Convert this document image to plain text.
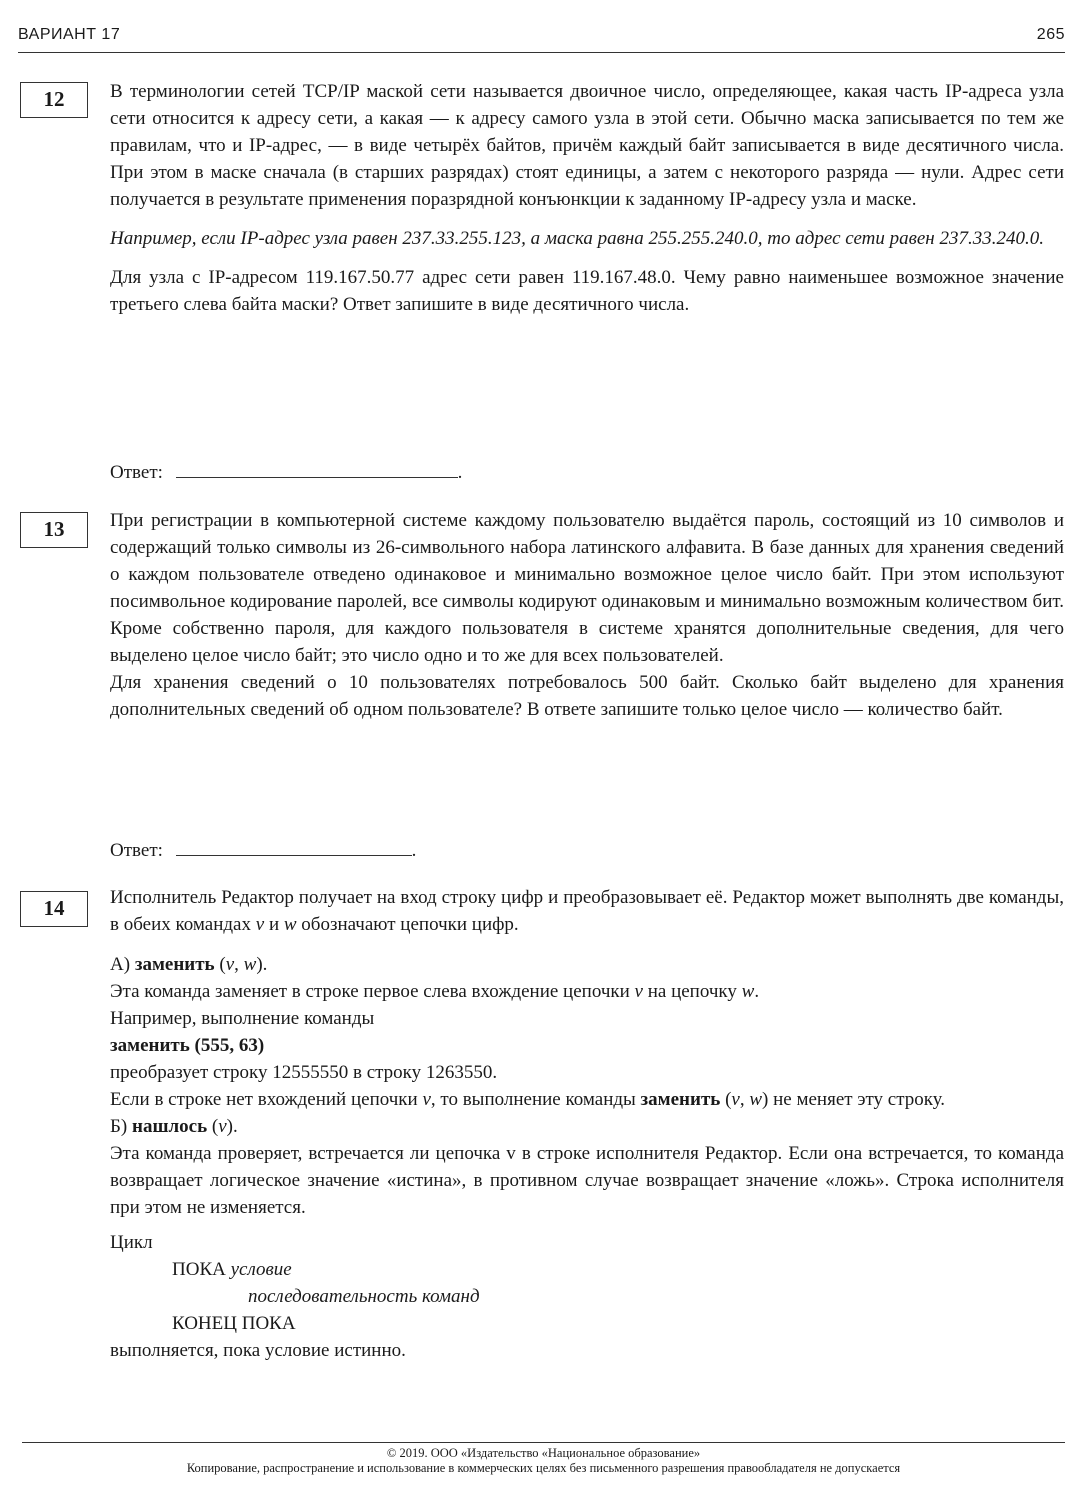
ВАРИАНТ 17	265
12	В терминологии сетей TCP/IP маской сети называется двоичное число, определяющее, какая часть IP-адреса узла сети относится к адресу сети, а какая — к адресу самого узла в этой сети. Обычно маска записывается по тем же правилам, что и IP-адрес, — в виде четырёх байтов, причём каждый байт записывается в виде десятичного числа. При этом в маске сначала (в старших разрядах) стоят единицы, а затем с некоторого разряда — нули. Адрес сети получается в результате применения поразрядной конъюнкции к заданному IP-адресу узла и маске.

Например, если IP-адрес узла равен 237.33.255.123, а маска равна 255.255.240.0, то адрес сети равен 237.33.240.0.

Для узла с IP-адресом 119.167.50.77 адрес сети равен 119.167.48.0. Чему равно наименьшее возможное значение третьего слева байта маски? Ответ запишите в виде десятичного числа.

Ответ:	.
13	При регистрации в компьютерной системе каждому пользователю выдаётся пароль, состоящий из 10 символов и содержащий только символы из 26-символьного набора латинского алфавита. В базе данных для хранения сведений о каждом пользователе отведено одинаковое и минимально возможное целое число байт. При этом используют посимвольное кодирование паролей, все символы кодируют одинаковым и минимально возможным количеством бит. Кроме собственно пароля, для каждого пользователя в системе хранятся дополнительные сведения, для чего выделено целое число байт; это число одно и то же для всех пользователей.

Для хранения сведений о 10 пользователях потребовалось 500 байт. Сколько байт выделено для хранения дополнительных сведений об одном пользователе? В ответе запишите только целое число — количество байт.

Ответ:	.
14	Исполнитель Редактор получает на вход строку цифр и преобразовывает её. Редактор может выполнять две команды, в обеих командах v и w обозначают цепочки цифр.

А) заменить (v, w).

Эта команда заменяет в строке первое слева вхождение цепочки v на цепочку w.

Например, выполнение команды

заменить (555, 63)

преобразует строку 12555550 в строку 1263550.

Если в строке нет вхождений цепочки v, то выполнение команды заменить (v, w) не меняет эту строку.

Б) нашлось (v).

Эта команда проверяет, встречается ли цепочка v в строке исполнителя Редактор. Если она встречается, то команда возвращает логическое значение «истина», в противном случае возвращает значение «ложь». Строка исполнителя при этом не изменяется.

Цикл

ПОКА условие

последовательность команд

КОНЕЦ ПОКА

выполняется, пока условие истинно.

© 2019. ООО «Издательство «Национальное образование»
Копирование, распространение и использование в коммерческих целях без письменного разрешения правообладателя не допускается
